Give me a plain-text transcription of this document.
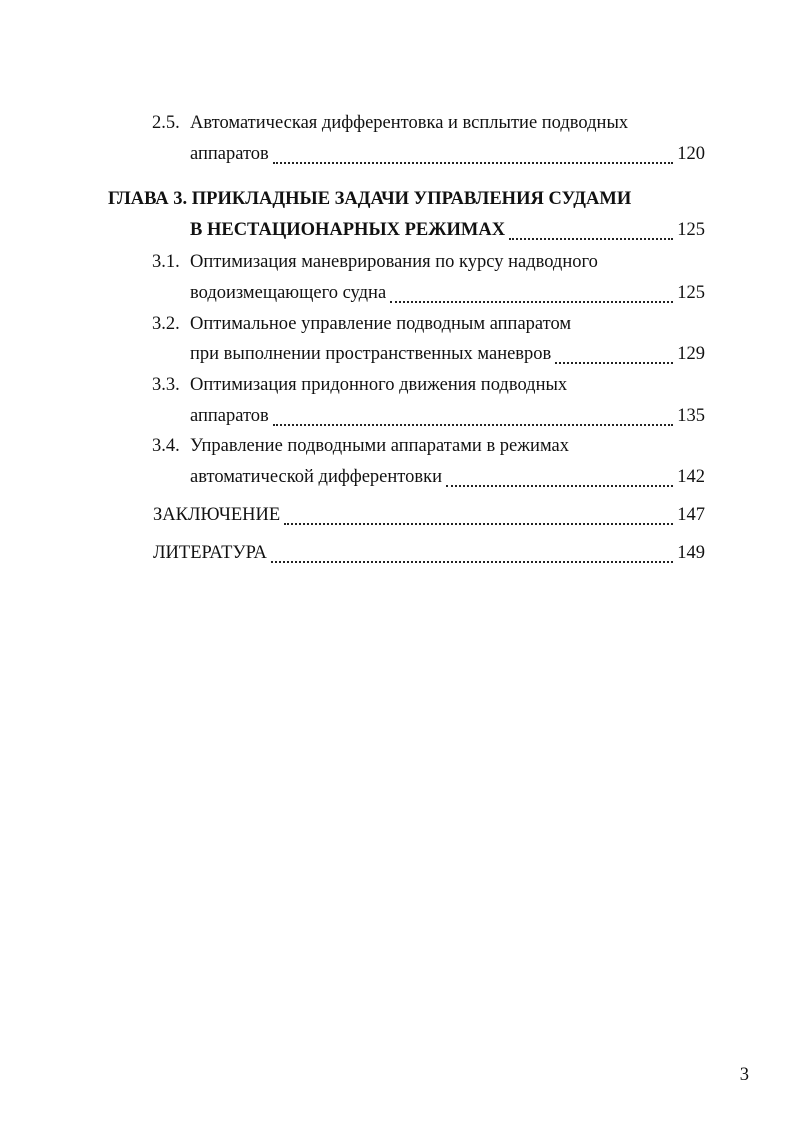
2.5. Автоматическая дифферентовка и всплытие подводных
аппаратов	120
ГЛАВА 3. ПРИКЛАДНЫЕ ЗАДАЧИ УПРАВЛЕНИЯ СУДАМИ
В НЕСТАЦИОНАРНЫХ РЕЖИМАХ	125
3.1. Оптимизация маневрирования по курсу надводного
водоизмещающего судна	125
3.2. Оптимальное управление подводным аппаратом
при выполнении пространственных маневров	129
3.3. Оптимизация придонного движения подводных
аппаратов	135
3.4. Управление подводными аппаратами в режимах
автоматической дифферентовки	142
ЗАКЛЮЧЕНИЕ	147
ЛИТЕРАТУРА	149
3
